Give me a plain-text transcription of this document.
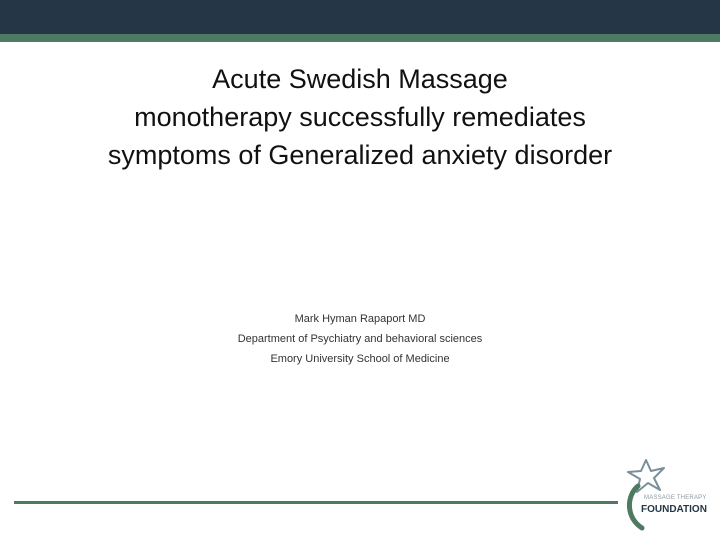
Acute Swedish Massage
monotherapy successfully remediates
symptoms of Generalized anxiety disorder
Mark Hyman Rapaport MD
Department of Psychiatry and behavioral sciences
Emory University School of Medicine
MASSAGE THERAPY
FOUNDATION
